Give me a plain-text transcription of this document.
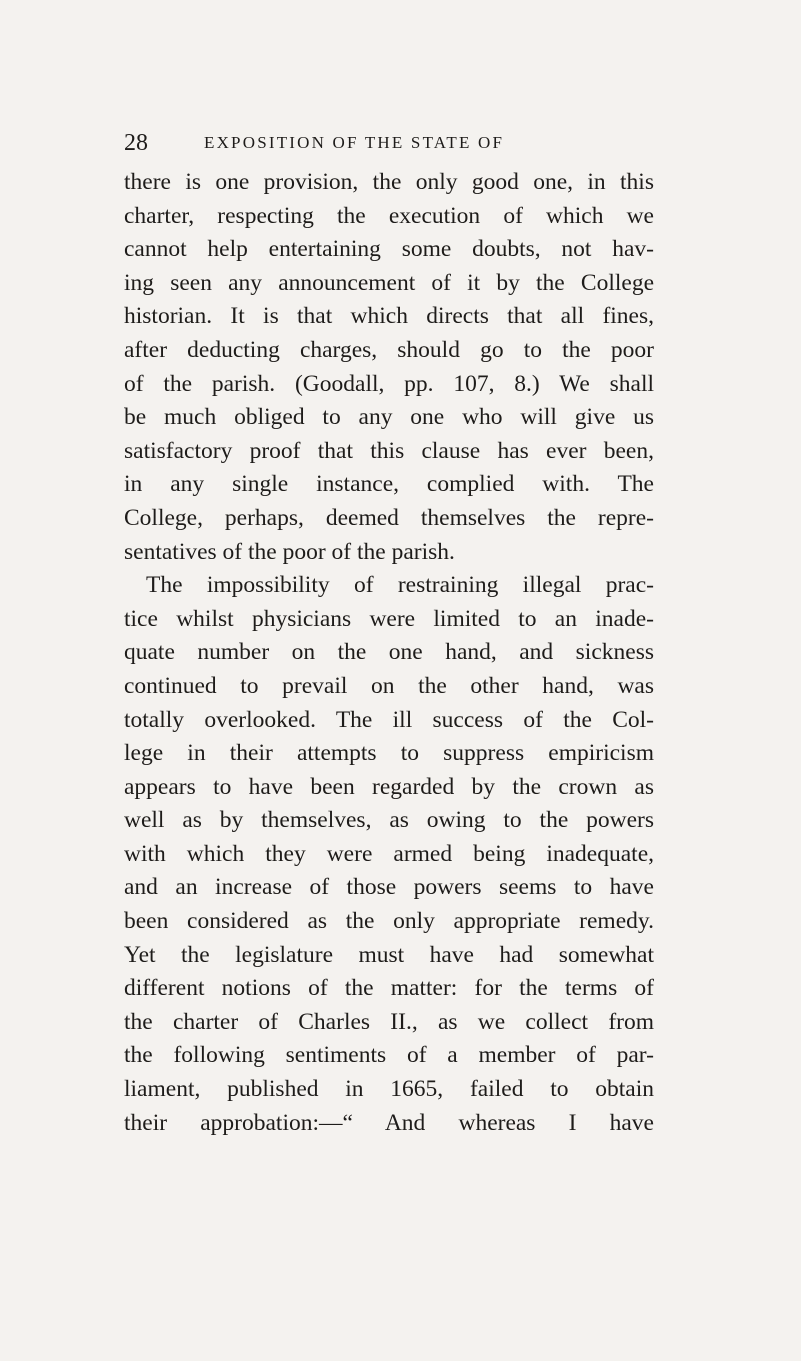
28	EXPOSITION OF THE STATE OF
there is one provision, the only good one, in this
charter, respecting the execution of which we
cannot help entertaining some doubts, not hav-
ing seen any announcement of it by the College
historian. It is that which directs that all fines,
after deducting charges, should go to the poor
of the parish. (Goodall, pp. 107, 8.) We shall
be much obliged to any one who will give us
satisfactory proof that this clause has ever been,
in any single instance, complied with. The
College, perhaps, deemed themselves the repre-
sentatives of the poor of the parish.
The impossibility of restraining illegal prac-
tice whilst physicians were limited to an inade-
quate number on the one hand, and sickness
continued to prevail on the other hand, was
totally overlooked. The ill success of the Col-
lege in their attempts to suppress empiricism
appears to have been regarded by the crown as
well as by themselves, as owing to the powers
with which they were armed being inadequate,
and an increase of those powers seems to have
been considered as the only appropriate remedy.
Yet the legislature must have had somewhat
different notions of the matter: for the terms of
the charter of Charles II., as we collect from
the following sentiments of a member of par-
liament, published in 1665, failed to obtain
their approbation:—“ And whereas I have
